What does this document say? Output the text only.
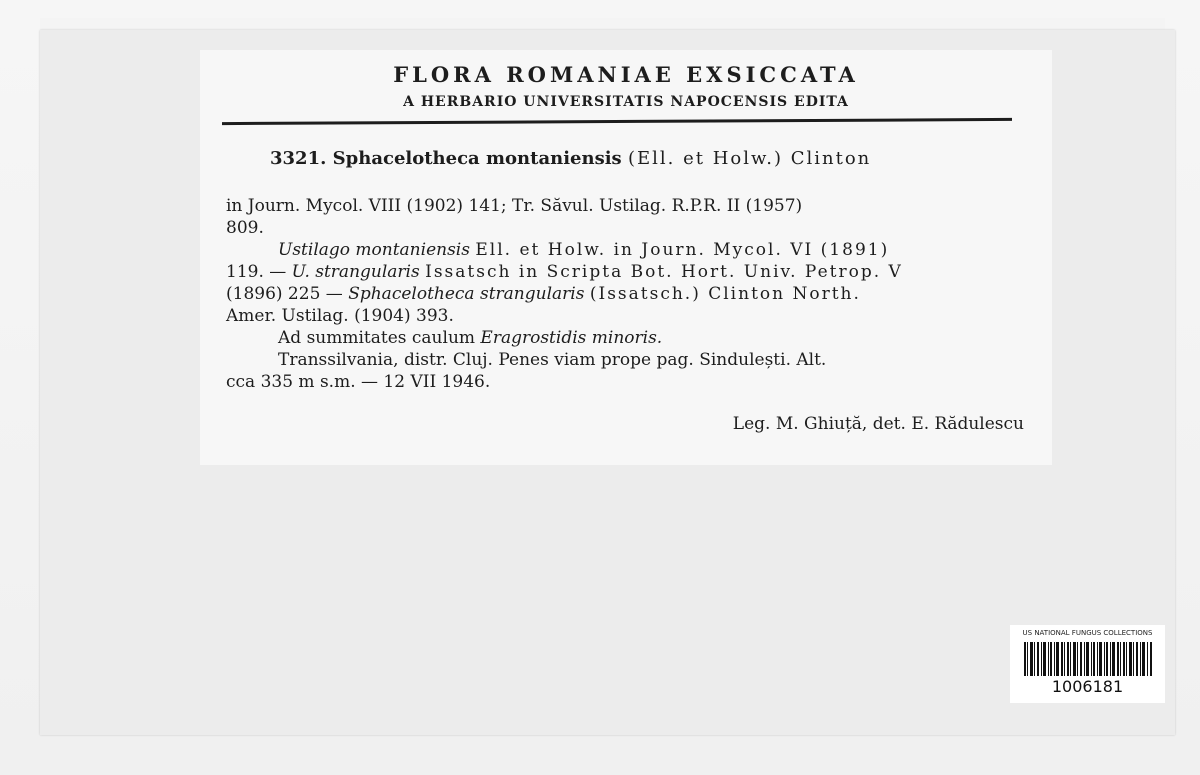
FLORA ROMANIAE EXSICCATA
A HERBARIO UNIVERSITATIS NAPOCENSIS EDITA
3321. Sphacelotheca montaniensis (Ell. et Holw.) Clinton
in Journ. Mycol. VIII (1902) 141; Tr. Săvul. Ustilag. R.P.R. II (1957)
809.
Ustilago montaniensis
Ell. et Holw. in Journ. Mycol. VI (1891)
119. —
U. strangularis
Issatsch in Scripta Bot. Hort. Univ. Petrop. V
(1896) 225 —
Sphacelotheca strangularis
(Issatsch.) Clinton North.
Amer. Ustilag. (1904) 393.
Ad summitates caulum
Eragrostidis minoris.
Transsilvania, distr. Cluj. Penes viam prope pag. Sindulești. Alt.
cca 335 m s.m. — 12 VII 1946.
Leg. M. Ghiuță, det. E. Rădulescu
US NATIONAL FUNGUS COLLECTIONS
1006181
